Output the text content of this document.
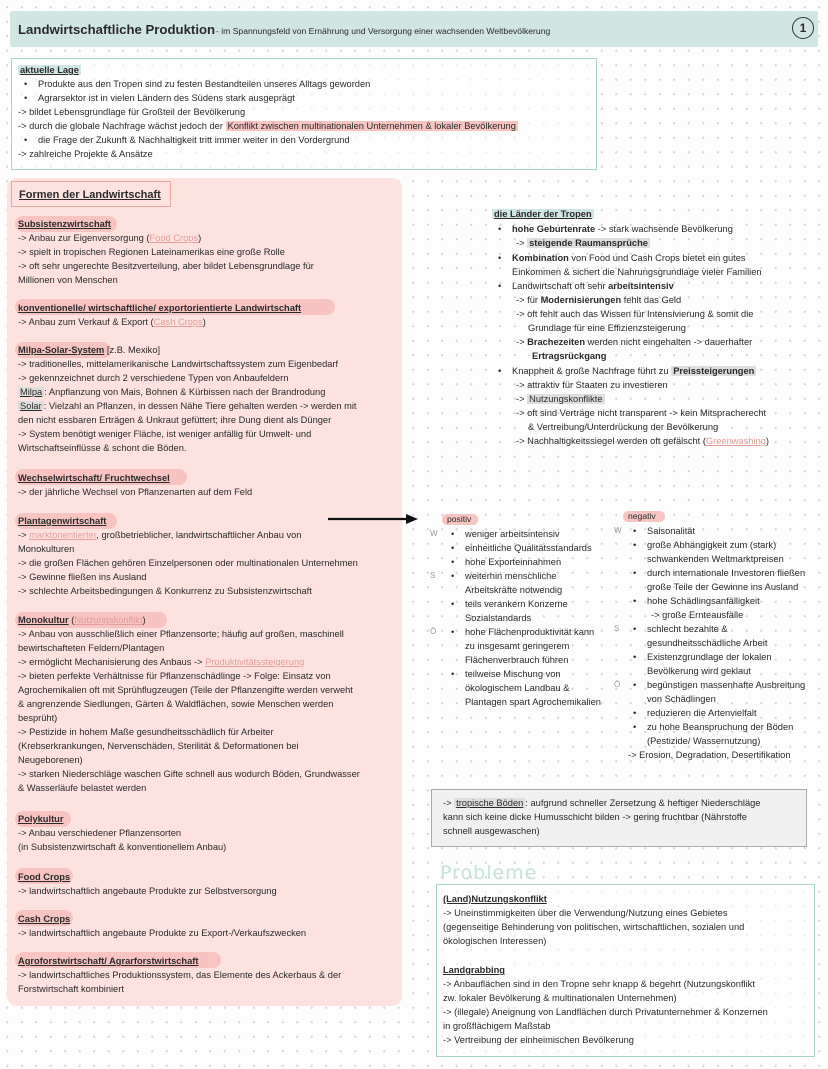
Landwirtschaftliche Produktion - im Spannungsfeld von Ernährung und Versorgung einer wachsenden Weltbevölkerung	1
aktuelle Lage
Produkte aus den Tropen sind zu festen Bestandteilen unseres Alltags geworden
Agrarsektor ist in vielen Ländern des Südens stark ausgeprägt
-> bildet Lebensgrundlage für Großteil der Bevölkerung
-> durch die globale Nachfrage wächst jedoch der Konflikt zwischen multinationalen Unternehmen & lokaler Bevölkerung
die Frage der Zukunft & Nachhaltigkeit tritt immer weiter in den Vordergrund
-> zahlreiche Projekte & Ansätze
Formen der Landwirtschaft
Subsistenzwirtschaft
-> Anbau zur Eigenversorgung (Food Crops)
-> spielt in tropischen Regionen Lateinamerikas eine große Rolle
-> oft sehr ungerechte Besitzverteilung, aber bildet Lebensgrundlage für
Millionen von Menschen
konventionelle/ wirtschaftliche/ exportorientierte Landwirtschaft
-> Anbau zum Verkauf & Export (Cash Crops)
Milpa-Solar-System [z.B. Mexiko]
-> traditionelles, mittelamerikanische Landwirtschaftssystem zum Eigenbedarf
-> gekennzeichnet durch 2 verschiedene Typen von Anbaufeldern
Milpa : Anpflanzung von Mais, Bohnen & Kürbissen nach der Brandrodung
Solar : Vielzahl an Pflanzen, in dessen Nähe Tiere gehalten werden -> werden mit
den nicht essbaren Erträgen & Unkraut gefüttert; ihre Dung dient als Dünger
-> System benötigt weniger Fläche, ist weniger anfällig für Umwelt- und
Wirtschaftseinflüsse & schont die Böden.
Wechselwirtschaft/ Fruchtwechsel
-> der jährliche Wechsel von Pflanzenarten auf dem Feld
Plantagenwirtschaft
-> marktorientierter, großbetrieblicher, landwirtschaftlicher Anbau von
Monokulturen
-> die großen Flächen gehören Einzelpersonen oder multinationalen Unternehmen
-> Gewinne fließen ins Ausland
-> schlechte Arbeitsbedingungen & Konkurrenz zu Subsistenzwirtschaft
Monokultur (Nutzungskonflikt)
-> Anbau von ausschließlich einer Pflanzensorte; häufig auf großen, maschinell
bewirtschafteten Feldern/Plantagen
-> ermöglicht Mechanisierung des Anbaus -> Produktivitätssteigerung
-> bieten perfekte Verhältnisse für Pflanzenschädlinge -> Folge: Einsatz von
Agrochemikalien oft mit Sprühflugzeugen (Teile der Pflanzengifte werden verweht
& angrenzende Siedlungen, Gärten & Waldflächen, sowie Menschen werden
besprüht)
-> Pestizide in hohem Maße gesundheitsschädlich für Arbeiter
(Krebserkrankungen, Nervenschäden, Sterilität & Deformationen bei
Neugeborenen)
-> starken Niederschläge waschen Gifte schnell aus wodurch Böden, Grundwasser
& Wasserläufe belastet werden
Polykultur
-> Anbau verschiedener Pflanzensorten
(in Subsistenzwirtschaft & konventionellem Anbau)
Food Crops
-> landwirtschaftlich angebaute Produkte zur Selbstversorgung
Cash Crops
-> landwirtschaftlich angebaute Produkte zu Export-/Verkaufszwecken
Agroforstwirtschaft/ Agrarforstwirtschaft
-> landwirtschaftliches Produktionssystem, das Elemente des Ackerbaus & der
Forstwirtschaft kombiniert
die Länder der Tropen
hohe Geburtenrate -> stark wachsende Bevölkerung
-> steigende Raumansprüche
Kombination von Food und Cash Crops bietet ein gutes
Einkommen & sichert die Nahrungsgrundlage vieler Familien
Landwirtschaft oft sehr arbeitsintensiv
-> für Modernisierungen fehlt das Geld
-> oft fehlt auch das Wissen für Intensivierung & somit die
Grundlage für eine Effizienzsteigerung
-> Brachezeiten werden nicht eingehalten -> dauerhafter
Ertragsrückgang
Knappheit & große Nachfrage führt zu Preissteigerungen
-> attraktiv für Staaten zu investieren
-> Nutzungskonflikte
-> oft sind Verträge nicht transparent -> kein Mitspracherecht
& Vertreibung/Unterdrückung der Bevölkerung
-> Nachhaltigkeitssiegel werden oft gefälscht (Greenwashing)
positiv
W
S
Ö
weniger arbeitsintensiv
einheitliche Qualitätsstandards
hohe Exporteinnahmen
weiterhin menschliche
Arbeitskräfte notwendig
teils verankern Konzerne
Sozialstandards
hohe Flächenproduktivität kann
zu insgesamt geringerem
Flächenverbrauch führen
teilweise Mischung von
ökologischem Landbau &
Plantagen spart Agrochemikalien
negativ
W
S
Ö
Saisonalität
große Abhängigkeit zum (stark)
schwankenden Weltmarktpreisen
durch internationale Investoren fließen
große Teile der Gewinne ins Ausland
hohe Schädlingsanfälligkeit
-> große Ernteausfälle
schlecht bezahlte &
gesundheitsschädliche Arbeit
Existenzgrundlage der lokalen
Bevölkerung wird geklaut
begünstigen massenhafte Ausbreitung
von Schädlingen
reduzieren die Artenvielfalt
zu hohe Beanspruchung der Böden
(Pestizide/ Wassernutzung)
-> Erosion, Degradation, Desertifikation
-> tropische Böden : aufgrund schneller Zersetzung & heftiger Niederschläge
kann sich keine dicke Humusschicht bilden -> gering fruchtbar (Nährstoffe
schnell ausgewaschen)
Probleme
(Land)Nutzungskonflikt
-> Uneinstimmigkeiten über die Verwendung/Nutzung eines Gebietes
(gegenseitige Behinderung von politischen, wirtschaftlichen, sozialen und
ökologischen Interessen)
Landgrabbing
-> Anbauflächen sind in den Tropne sehr knapp & begehrt (Nutzungskonflikt
zw. lokaler Bevölkerung & multinationalen Unternehmen)
-> (illegale) Aneignung von Landflächen durch Privatunternehmer & Konzernen
in großflächigem Maßstab
-> Vertreibung der einheimischen Bevölkerung
